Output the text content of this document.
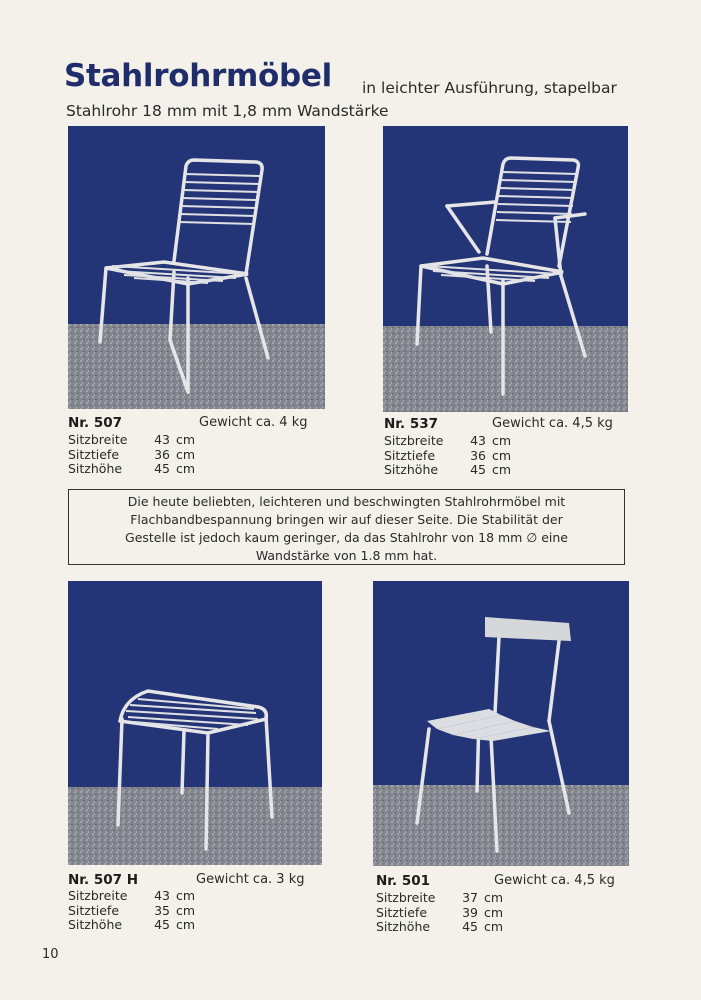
Stahlrohrmöbel in leichter Ausführung, stapelbar
Stahlrohr 18 mm mit 1,8 mm Wandstärke
Nr. 507	Gewicht ca. 4 kg
Sitzbreite	43 cm
Sitztiefe	36 cm
Sitzhöhe	45 cm
Nr. 537	Gewicht ca. 4,5 kg
Sitzbreite	43 cm
Sitztiefe	36 cm
Sitzhöhe	45 cm
Die heute beliebten, leichteren und beschwingten Stahlrohrmöbel mit
Flachbandbespannung bringen wir auf dieser Seite. Die Stabilität der
Gestelle ist jedoch kaum geringer, da das Stahlrohr von 18 mm ∅ eine
Wandstärke von 1.8 mm hat.
Nr. 507 H	Gewicht ca. 3 kg
Sitzbreite	43 cm
Sitztiefe	35 cm
Sitzhöhe	45 cm
Nr. 501	Gewicht ca. 4,5 kg
Sitzbreite	37 cm
Sitztiefe	39 cm
Sitzhöhe	45 cm
10
